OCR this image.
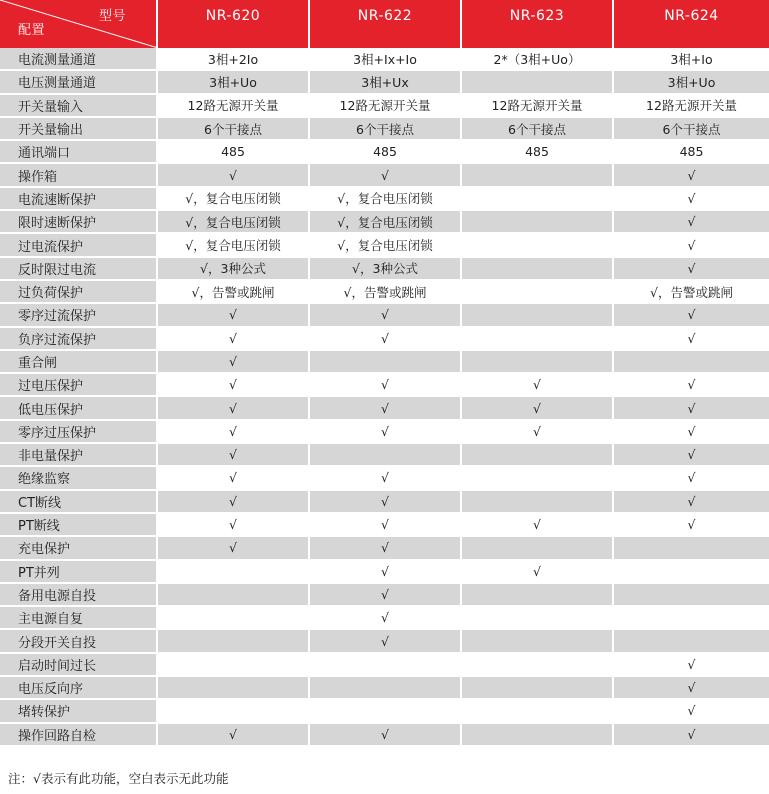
型号
配置	NR-620	NR-622	NR-623	NR-624
电流测量通道	3相+2Io	3相+Ix+Io	2*（3相+Uo）	3相+Io
电压测量通道	3相+Uo	3相+Ux		3相+Uo
开关量输入	12路无源开关量	12路无源开关量	12路无源开关量	12路无源开关量
开关量输出	6个干接点	6个干接点	6个干接点	6个干接点
通讯端口	485	485	485	485
操作箱	√	√		√
电流速断保护	√，复合电压闭锁	√，复合电压闭锁		√
限时速断保护	√，复合电压闭锁	√，复合电压闭锁		√
过电流保护	√，复合电压闭锁	√，复合电压闭锁		√
反时限过电流	√，3种公式	√，3种公式		√
过负荷保护	√，告警或跳闸	√，告警或跳闸		√，告警或跳闸
零序过流保护	√	√		√
负序过流保护	√	√		√
重合闸	√			
过电压保护	√	√	√	√
低电压保护	√	√	√	√
零序过压保护	√	√	√	√
非电量保护	√			√
绝缘监察	√	√		√
CT断线	√	√		√
PT断线	√	√	√	√
充电保护	√	√		
PT并列		√	√	
备用电源自投		√		
主电源自复		√		
分段开关自投		√		
启动时间过长				√
电压反向序				√
堵转保护				√
操作回路自检	√	√		√
注：√表示有此功能，空白表示无此功能
